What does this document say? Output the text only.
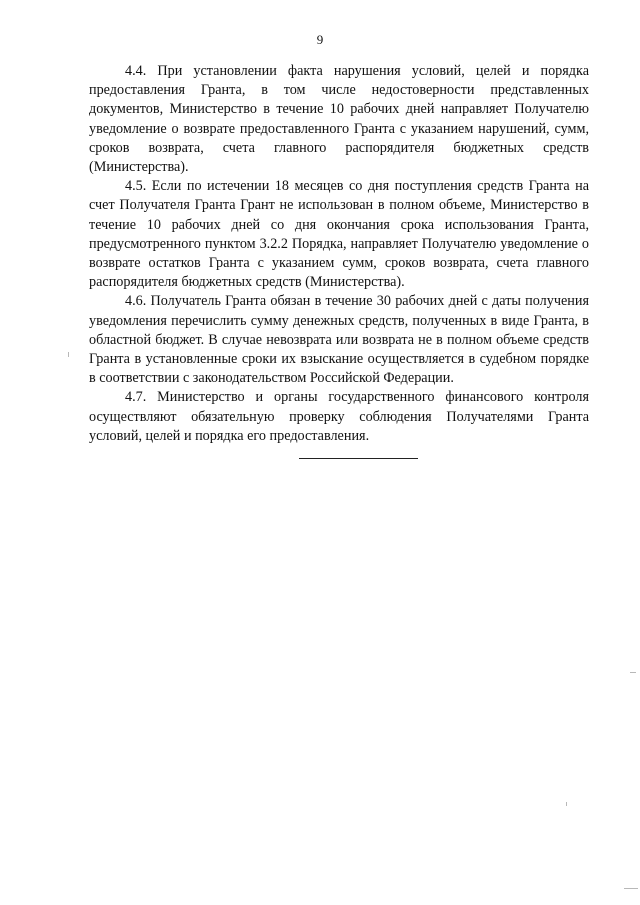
9

4.4. При установлении факта нарушения условий, целей и порядка предоставления Гранта, в том числе недостоверности представленных документов, Министерство в течение 10 рабочих дней направляет Получателю уведомление о возврате предоставленного Гранта с указанием нарушений, сумм, сроков возврата, счета главного распорядителя бюджетных средств (Министерства).

4.5. Если по истечении 18 месяцев со дня поступления средств Гранта на счет Получателя Гранта Грант не использован в полном объеме, Министерство в течение 10 рабочих дней со дня окончания срока использования Гранта, предусмотренного пунктом 3.2.2 Порядка, направляет Получателю уведомление о возврате остатков Гранта с указанием сумм, сроков возврата, счета главного распорядителя бюджетных средств (Министерства).

4.6. Получатель Гранта обязан в течение 30 рабочих дней с даты получения уведомления перечислить сумму денежных средств, полученных в виде Гранта, в областной бюджет. В случае невозврата или возврата не в полном объеме средств Гранта в установленные сроки их взыскание осуществляется в судебном порядке в соответствии с законодательством Российской Федерации.

4.7. Министерство и органы государственного финансового контроля осуществляют обязательную проверку соблюдения Получателями Гранта условий, целей и порядка его предоставления.
